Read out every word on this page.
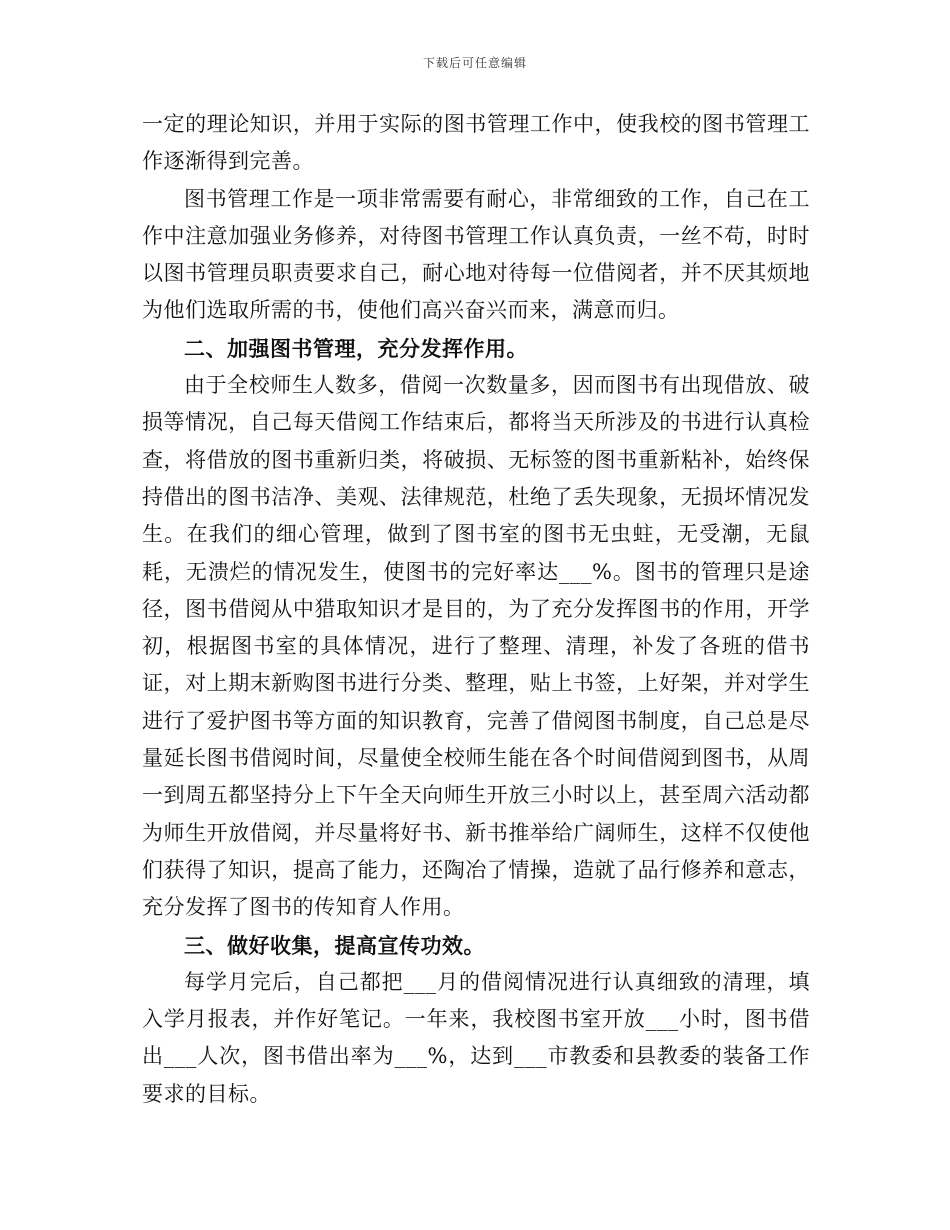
下载后可任意编辑

一定的理论知识，并用于实际的图书管理工作中，使我校的图书管理工作逐渐得到完善。

图书管理工作是一项非常需要有耐心，非常细致的工作，自己在工作中注意加强业务修养，对待图书管理工作认真负责，一丝不苟，时时以图书管理员职责要求自己，耐心地对待每一位借阅者，并不厌其烦地为他们选取所需的书，使他们高兴奋兴而来，满意而归。

二、加强图书管理，充分发挥作用。

由于全校师生人数多，借阅一次数量多，因而图书有出现借放、破损等情况，自己每天借阅工作结束后，都将当天所涉及的书进行认真检查，将借放的图书重新归类，将破损、无标签的图书重新粘补，始终保持借出的图书洁净、美观、法律规范，杜绝了丢失现象，无损坏情况发生。在我们的细心管理，做到了图书室的图书无虫蛀，无受潮，无鼠耗，无溃烂的情况发生，使图书的完好率达___%。图书的管理只是途径，图书借阅从中猎取知识才是目的，为了充分发挥图书的作用，开学初，根据图书室的具体情况，进行了整理、清理，补发了各班的借书证，对上期末新购图书进行分类、整理，贴上书签，上好架，并对学生进行了爱护图书等方面的知识教育，完善了借阅图书制度，自己总是尽量延长图书借阅时间，尽量使全校师生能在各个时间借阅到图书，从周一到周五都坚持分上下午全天向师生开放三小时以上，甚至周六活动都为师生开放借阅，并尽量将好书、新书推举给广阔师生，这样不仅使他们获得了知识，提高了能力，还陶冶了情操，造就了品行修养和意志，充分发挥了图书的传知育人作用。

三、做好收集，提高宣传功效。

每学月完后，自己都把___月的借阅情况进行认真细致的清理，填入学月报表，并作好笔记。一年来，我校图书室开放___小时，图书借出___人次，图书借出率为___%，达到___市教委和县教委的装备工作要求的目标。
